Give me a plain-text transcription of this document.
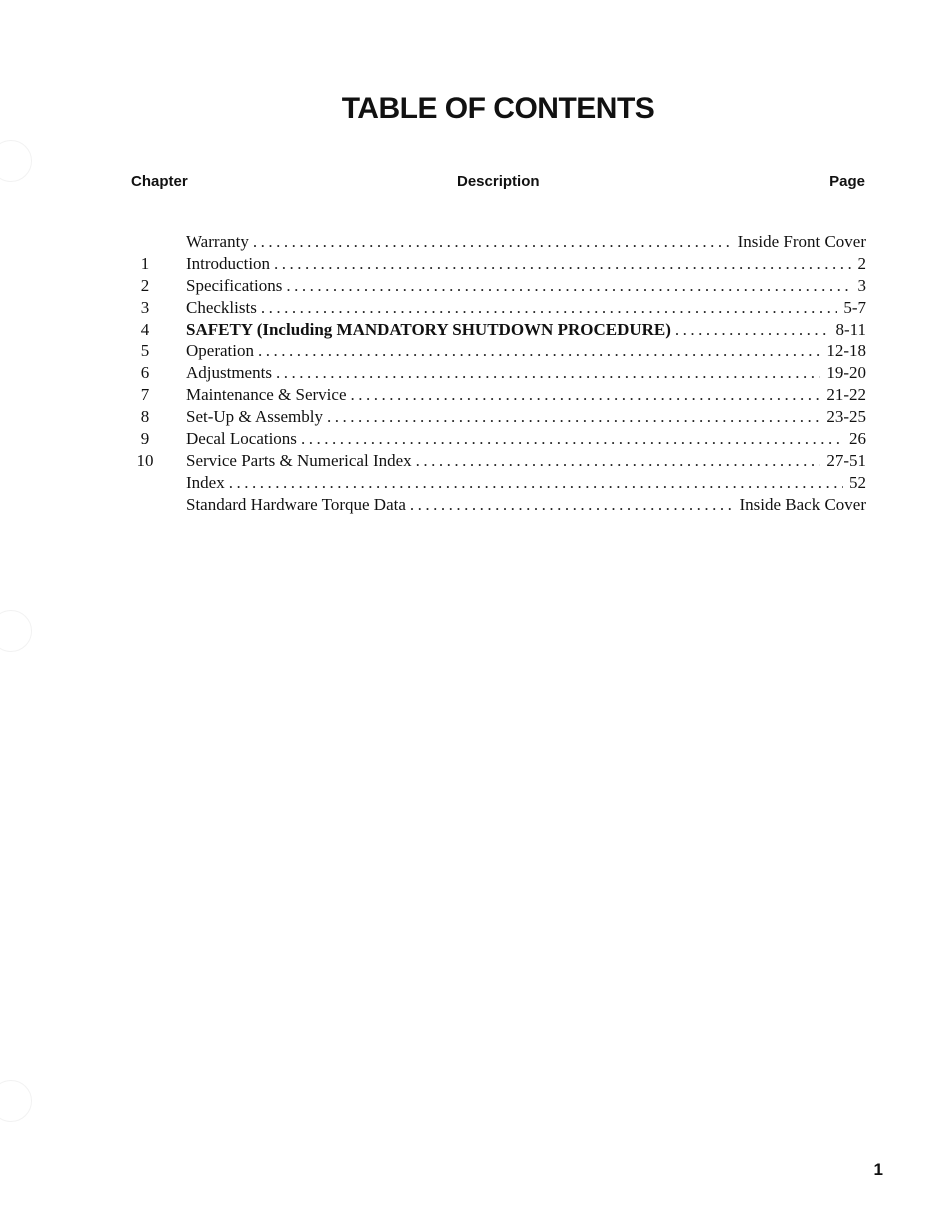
TABLE OF CONTENTS
Chapter	Description	Page
Warranty .....	Inside Front Cover
1	Introduction .....	2
2	Specifications .....	3
3	Checklists .....	5-7
4	SAFETY (Including MANDATORY SHUTDOWN PROCEDURE) .....	8-11
5	Operation .....	12-18
6	Adjustments .....	19-20
7	Maintenance & Service .....	21-22
8	Set-Up & Assembly .....	23-25
9	Decal Locations .....	26
10	Service Parts & Numerical Index .....	27-51
Index .....	52
Standard Hardware Torque Data .....	Inside Back Cover
1
